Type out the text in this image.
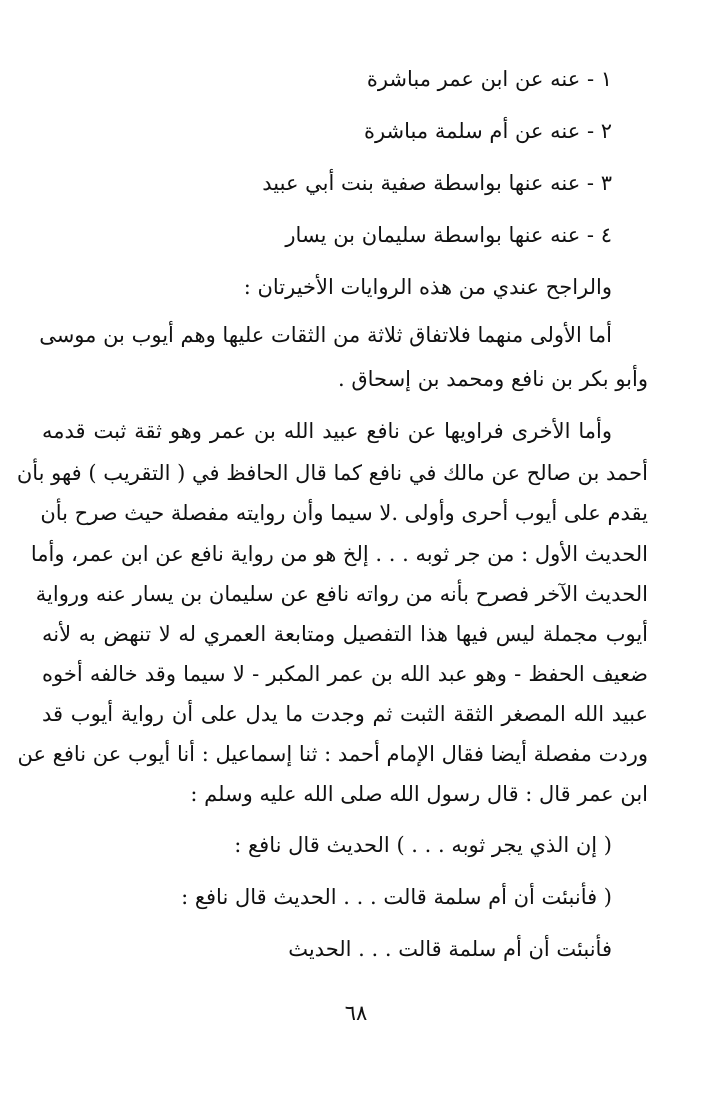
١ - عنه عن ابن عمر مباشرة
٢ - عنه عن أم سلمة مباشرة
٣ - عنه عنها بواسطة صفية بنت أبي عبيد
٤ - عنه عنها بواسطة سليمان بن يسار
والراجح عندي من هذه الروايات الأخيرتان :
أما الأولى منهما فلاتفاق ثلاثة من الثقات عليها وهم أيوب بن موسى
وأبو بكر بن نافع ومحمد بن إسحاق .
وأما الأخرى فراويها عن نافع عبيد الله بن عمر وهو ثقة ثبت قدمه
أحمد بن صالح عن مالك في نافع كما قال الحافظ في ( التقريب ) فهو بأن
يقدم على أيوب أحرى وأولى .لا سيما وأن روايته مفصلة حيث صرح بأن
الحديث الأول : من جر ثوبه . . . إلخ هو من رواية نافع عن ابن عمر، وأما
الحديث الآخر فصرح بأنه من رواته نافع عن سليمان بن يسار عنه ورواية
أيوب مجملة ليس فيها هذا التفصيل ومتابعة العمري له لا تنهض به لأنه
ضعيف الحفظ - وهو عبد الله بن عمر المكبر - لا سيما وقد خالفه أخوه
عبيد الله المصغر الثقة الثبت ثم وجدت ما يدل على أن رواية أيوب قد
وردت مفصلة أيضا فقال الإمام أحمد : ثنا إسماعيل : أنا أيوب عن نافع عن
ابن عمر قال : قال رسول الله صلى الله عليه وسلم :
( إن الذي يجر ثوبه . . . ) الحديث قال نافع :
( فأنبئت أن أم سلمة قالت . . . الحديث قال نافع :
فأنبئت أن أم سلمة قالت . . . الحديث
٦٨
